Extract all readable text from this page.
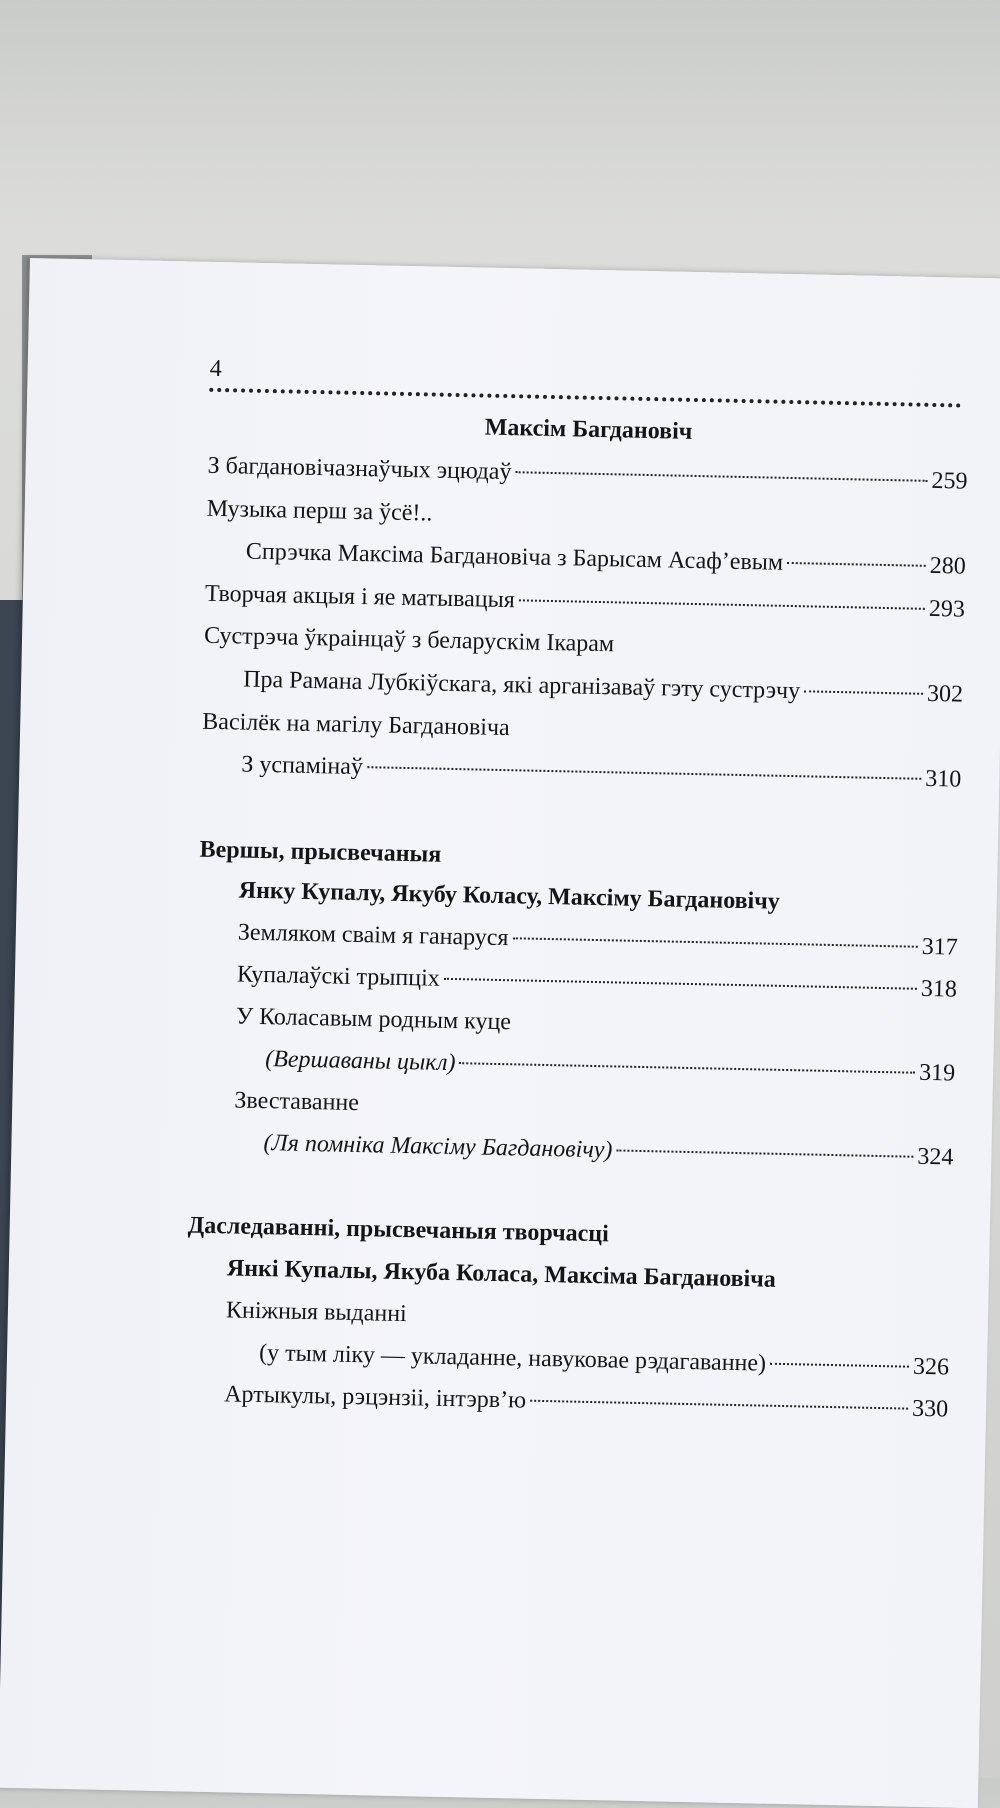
4
Максім Багдановіч
З багдановічазнаўчых эцюдаў	259
Музыка перш за ўсё!..
Спрэчка Максіма Багдановіча з Барысам Асаф’евым	280
Творчая акцыя і яе матывацыя	293
Сустрэча ўкраінцаў з беларускім Ікарам
Пра Рамана Лубкіўскага, які арганізаваў гэту сустрэчу	302
Васілёк на магілу Багдановіча
З успамінаў	310
Вершы, прысвечаныя
Янку Купалу, Якубу Коласу, Максіму Багдановічу
Земляком сваім я ганаруся	317
Купалаўскі трыпціх	318
У Коласавым родным куце
(Вершаваны цыкл)	319
Звеставанне
(Ля помніка Максіму Багдановічу)	324
Даследаванні, прысвечаныя творчасці
Янкі Купалы, Якуба Коласа, Максіма Багдановіча
Кніжныя выданні
(у тым ліку — укладанне, навуковае рэдагаванне)	326
Артыкулы, рэцэнзіі, інтэрв’ю	330
